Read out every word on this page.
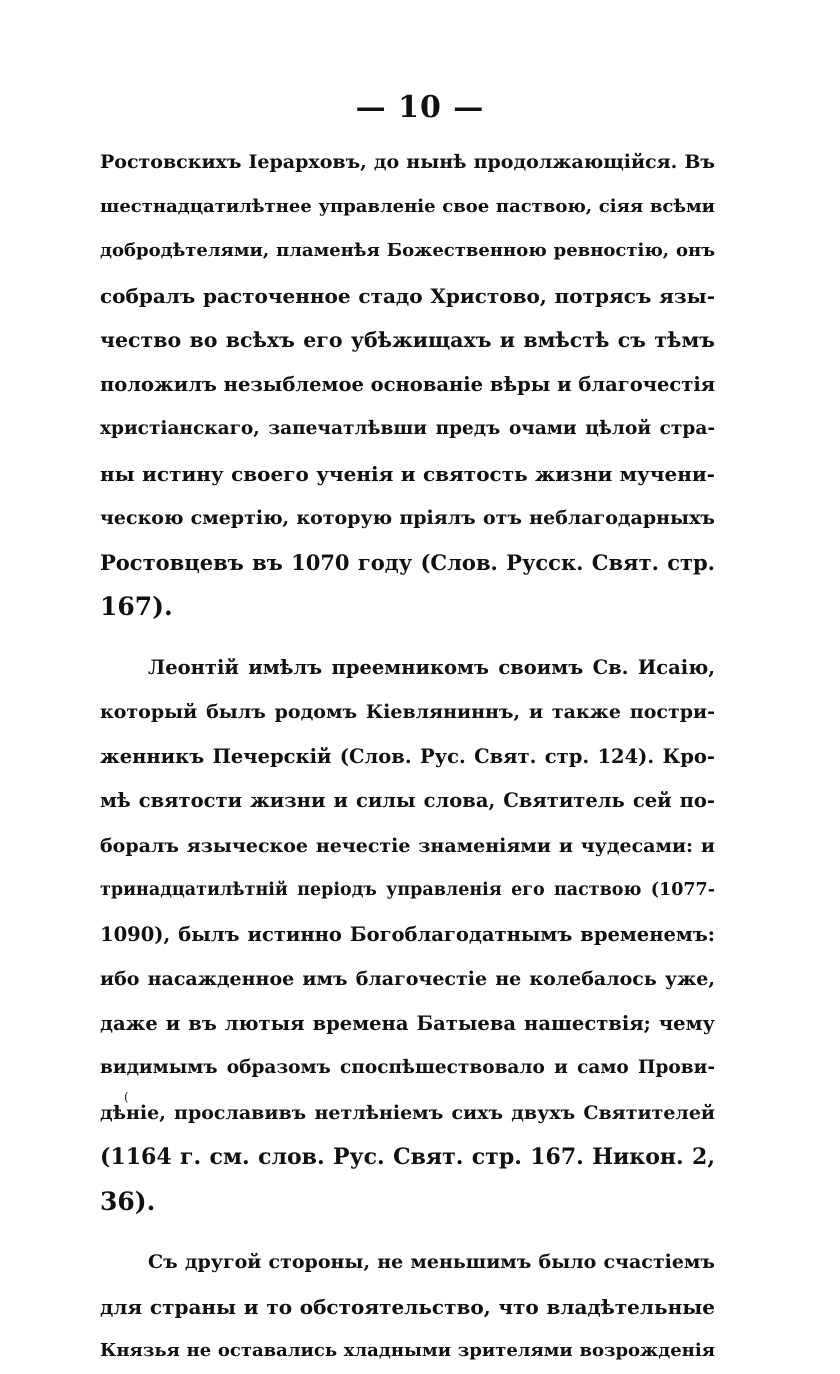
— 10 —
Ростовскихъ Іерарховъ, до нынѣ продолжающійся. Въ
шестнадцатилѣтнее управленіе свое паствою, сіяя всѣми
добродѣтелями, пламенѣя Божественною ревностію, онъ
собралъ расточенное стадо Христово, потрясъ язы-
чество во всѣхъ его убѣжищахъ и вмѣстѣ съ тѣмъ
положилъ незыблемое основаніе вѣры и благочестія
христіанскаго, запечатлѣвши предъ очами цѣлой стра-
ны истину своего ученія и святость жизни мучени-
ческою смертію, которую пріялъ отъ неблагодарныхъ
Ростовцевъ въ 1070 году (Слов. Русск. Свят. стр.
167).
Леонтій имѣлъ преемникомъ своимъ Св. Исаію,
который былъ родомъ Кіевляниннъ, и также постри-
женникъ Печерскій (Слов. Рус. Свят. стр. 124). Кро-
мѣ святости жизни и силы слова, Святитель сей по-
боралъ языческое нечестіе знаменіями и чудесами: и
тринадцатилѣтній періодъ управленія его паствою (1077-
1090), былъ истинно Богоблагодатнымъ временемъ:
ибо насажденное имъ благочестіе не колебалось уже,
даже и въ лютыя времена Батыева нашествія; чему
видимымъ образомъ споспѣшествовало и само Прови-
дѣніе, прославивъ нетлѣніемъ сихъ двухъ Святителей
(1164 г. см. слов. Рус. Свят. стр. 167. Никон. 2,
36).
Съ другой стороны, не меньшимъ было счастіемъ
для страны и то обстоятельство, что владѣтельные
Князья не оставались хладными зрителями возрожденія
(
